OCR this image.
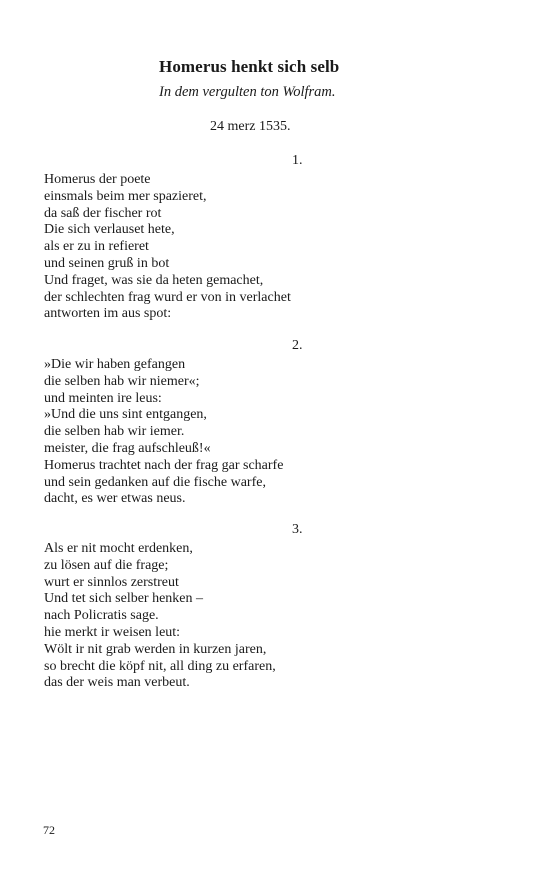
Homerus henkt sich selb
In dem vergulten ton Wolfram.
24 merz 1535.
1.
Homerus der poete
einsmals beim mer spazieret,
da saß der fischer rot
Die sich verlauset hete,
als er zu in refieret
und seinen gruß in bot
Und fraget, was sie da heten gemachet,
der schlechten frag wurd er von in verlachet
antworten im aus spot:
2.
»Die wir haben gefangen
die selben hab wir niemer«;
und meinten ire leus:
»Und die uns sint entgangen,
die selben hab wir iemer.
meister, die frag aufschleuß!«
Homerus trachtet nach der frag gar scharfe
und sein gedanken auf die fische warfe,
dacht, es wer etwas neus.
3.
Als er nit mocht erdenken,
zu lösen auf die frage;
wurt er sinnlos zerstreut
Und tet sich selber henken –
nach Policratis sage.
hie merkt ir weisen leut:
Wölt ir nit grab werden in kurzen jaren,
so brecht die köpf nit, all ding zu erfaren,
das der weis man verbeut.
72
